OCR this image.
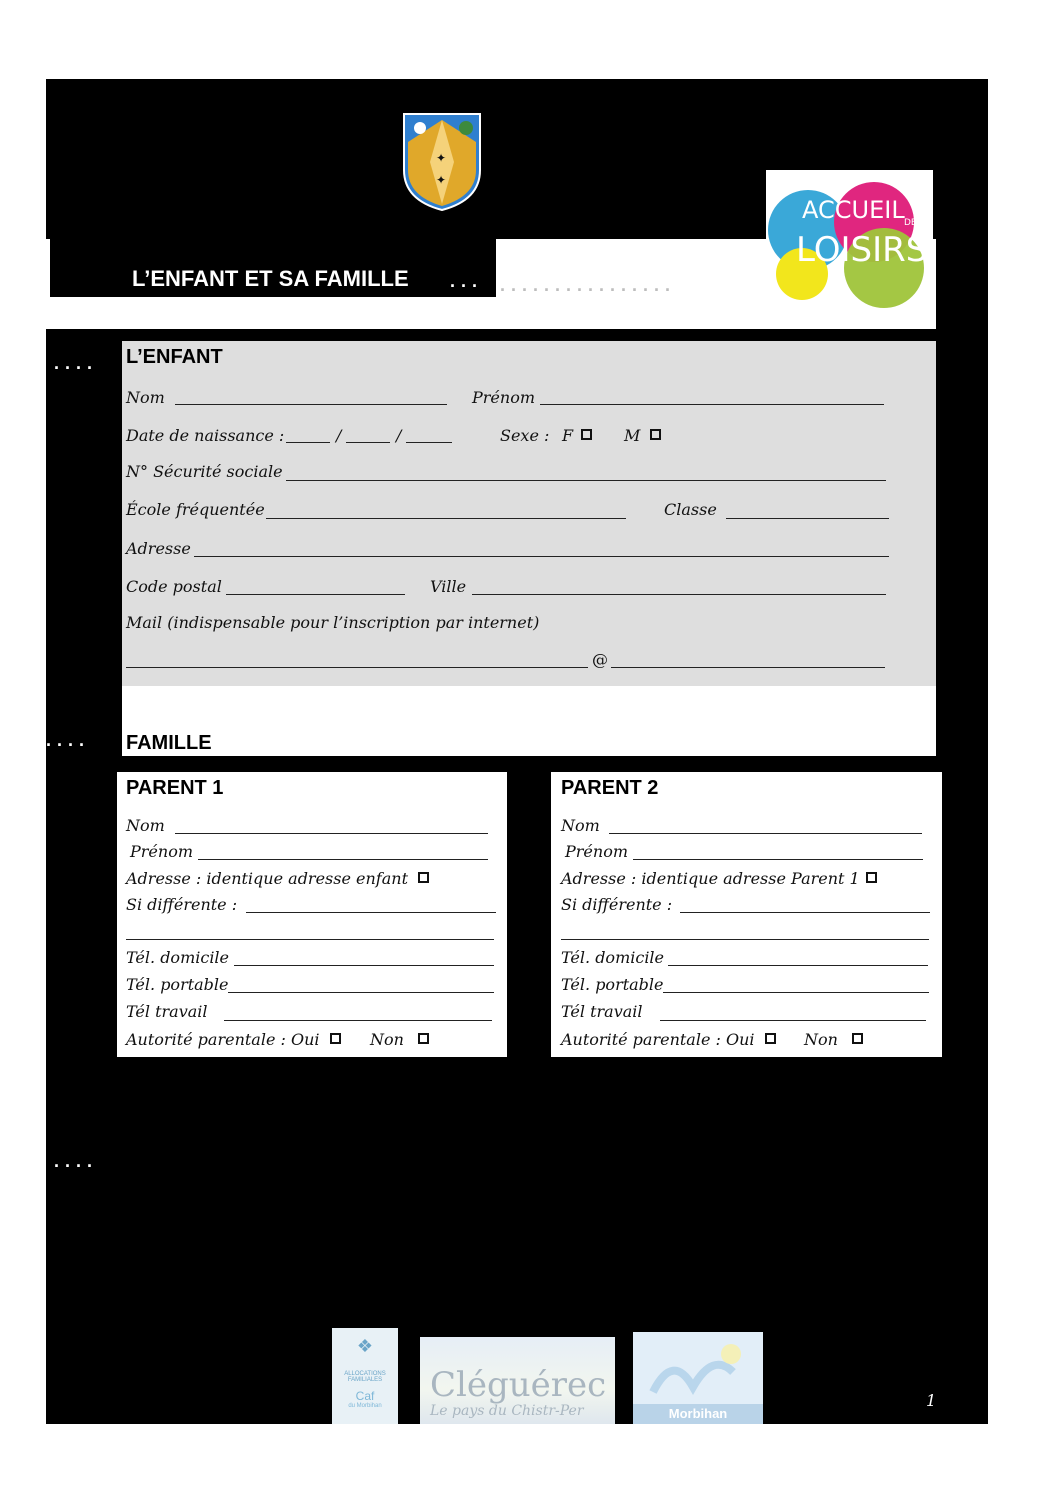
✦
✦
L’ENFANT ET SA FAMILLE ... ................
ACCUEIL DE
LOISIRS
.... L’ENFANT
Nom	Prénom
Date de naissance :	/	/	Sexe : F	M
N° Sécurité sociale
École fréquentée	Classe
Adresse
Code postal	Ville
Mail (indispensable pour l’inscription par internet)
@
.... FAMILLE
PARENT 1
Nom
Prénom
Adresse : identique adresse enfant
Si différente :
Tél. domicile
Tél. portable
Tél travail
Autorité parentale : Oui	Non
PARENT 2
Nom
Prénom
Adresse : identique adresse Parent 1
Si différente :
Tél. domicile
Tél. portable
Tél travail
Autorité parentale : Oui	Non
....
❖
ALLOCATIONS
FAMILIALES
Caf
du Morbihan
Cléguérec
Le pays du Chistr-Per	Morbihan
1
